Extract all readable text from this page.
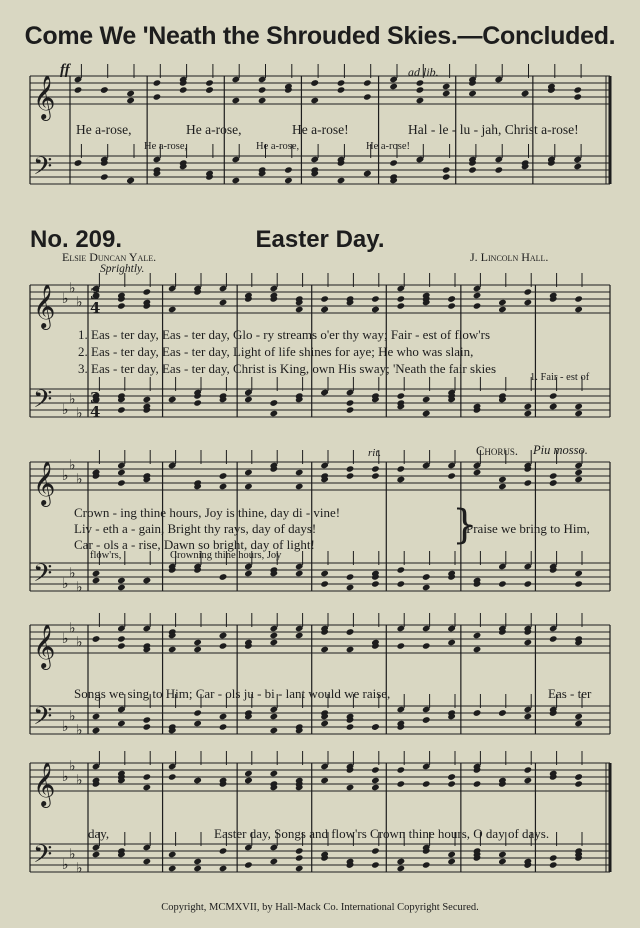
𝄞
𝄢
𝄞 ♭
♭
♭
𝄢 ♭
♭
♭
𝄞 ♭
♭
♭
𝄢 ♭
♭
♭
𝄞 ♭
♭
♭
𝄢 ♭
♭
♭
𝄞 ♭
♭
♭
𝄢 ♭
♭
♭
3
4
3
4
Come We 'Neath the Shrouded Skies.—Concluded.
ff	ad lib.
He a-rose,	He a-rose,	He a-rose!	Hal - le - lu - jah, Christ a-rose!
He a-rose,	He a-rose,	He a-rose!
No. 209.	Easter Day.
Elsie Duncan Yale.	J. Lincoln Hall.
Sprightly.
1. Eas - ter day, Eas - ter day, Glo - ry streams o'er thy way; Fair - est of flow'rs
2. Eas - ter day, Eas - ter day, Light of life shines for aye; He who was slain,
3. Eas - ter day, Eas - ter day, Christ is King, own His sway; 'Neath the fair skies
1. Fair - est of
rit.	Chorus. Piu mosso.
Crown - ing thine hours, Joy is thine, day di - vine!
Liv - eth a - gain, Bright thy rays, day of days!
Car - ols a - rise, Dawn so bright, day of light!	}
Praise we bring to Him,
flow'rs,	Crowning thine hours, Joy
Songs we sing to Him; Car - ols ju - bi - lant would we raise,	Eas - ter
day,	Easter day, Songs and flow'rs Crown thine hours, O day of days.
Copyright, MCMXVII, by Hall-Mack Co. International Copyright Secured.
